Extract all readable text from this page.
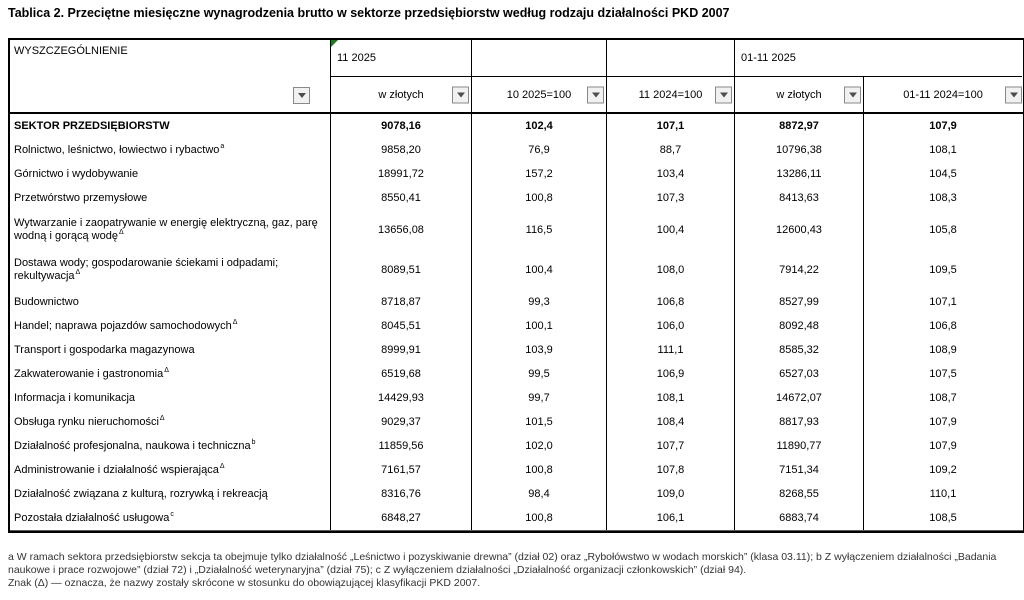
Tablica 2. Przeciętne miesięczne wynagrodzenia brutto w sektorze przedsiębiorstw według rodzaju działalności PKD 2007
WYSZCZEGÓLNIENIE
11 2025	01-11 2025
w złotych	10 2025=100	11 2024=100	w złotych	01-11 2024=100
SEKTOR PRZEDSIĘBIORSTW	9078,16	102,4	107,1	8872,97	107,9
Rolnictwo, leśnictwo, łowiectwo i rybactwo$^a$	9858,20	76,9	88,7	10796,38	108,1
Górnictwo i wydobywanie	18991,72	157,2	103,4	13286,11	104,5
Przetwórstwo przemysłowe	8550,41	100,8	107,3	8413,63	108,3
Wytwarzanie i zaopatrywanie w energię elektryczną, gaz, parę wodną i gorącą wodę$^\Delta$	13656,08	116,5	100,4	12600,43	105,8
Dostawa wody; gospodarowanie ściekami i odpadami; rekultywacja$^\Delta$	8089,51	100,4	108,0	7914,22	109,5
Budownictwo	8718,87	99,3	106,8	8527,99	107,1
Handel; naprawa pojazdów samochodowych$^\Delta$	8045,51	100,1	106,0	8092,48	106,8
Transport i gospodarka magazynowa	8999,91	103,9	111,1	8585,32	108,9
Zakwaterowanie i gastronomia$^\Delta$	6519,68	99,5	106,9	6527,03	107,5
Informacja i komunikacja	14429,93	99,7	108,1	14672,07	108,7
Obsługa rynku nieruchomości$^\Delta$	9029,37	101,5	108,4	8817,93	107,9
Działalność profesjonalna, naukowa i techniczna$^b$	11859,56	102,0	107,7	11890,77	107,9
Administrowanie i działalność wspierająca$^\Delta$	7161,57	100,8	107,8	7151,34	109,2
Działalność związana z kulturą, rozrywką i rekreacją	8316,76	98,4	109,0	8268,55	110,1
Pozostała działalność usługowa$^c$	6848,27	100,8	106,1	6883,74	108,5

a W ramach sektora przedsiębiorstw sekcja ta obejmuje tylko działalność „Leśnictwo i pozyskiwanie drewna” (dział 02) oraz „Rybołówstwo w wodach morskich” (klasa 03.11); b Z wyłączeniem działalności „Badania naukowe i prace rozwojowe” (dział 72) i „Działalność weterynaryjna” (dział 75); c Z wyłączeniem działalności „Działalność organizacji członkowskich” (dział 94).

Znak (Δ) — oznacza, że nazwy zostały skrócone w stosunku do obowiązującej klasyfikacji PKD 2007.
